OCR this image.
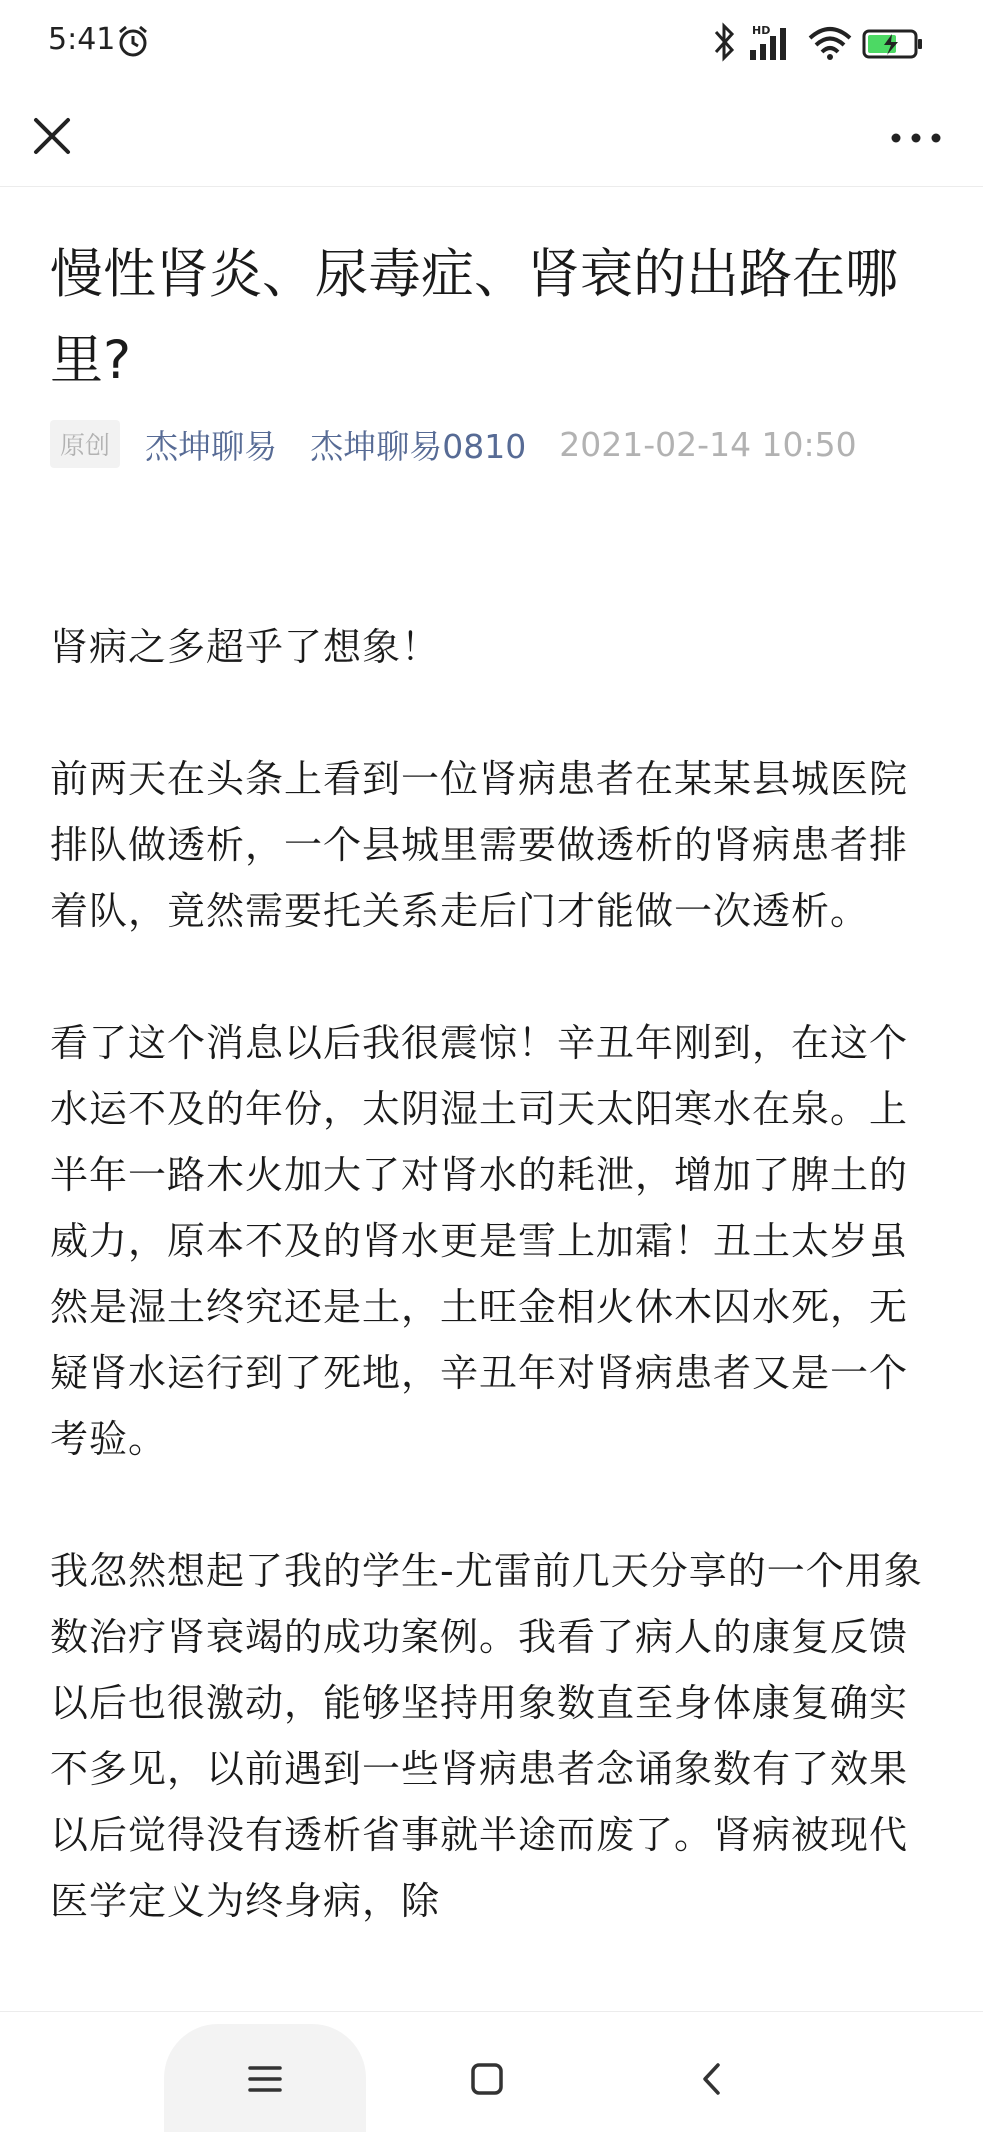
5:41	HD
慢性肾炎、尿毒症、肾衰的出路在哪里?
原创 杰坤聊易 杰坤聊易0810 2021-02-14 10:50

肾病之多超乎了想象！

前两天在头条上看到一位肾病患者在某某县城医院排队做透析，一个县城里需要做透析的肾病患者排着队，竟然需要托关系走后门才能做一次透析。

看了这个消息以后我很震惊！辛丑年刚到，在这个水运不及的年份，太阴湿土司天太阳寒水在泉。上半年一路木火加大了对肾水的耗泄，增加了脾土的威力，原本不及的肾水更是雪上加霜！丑土太岁虽然是湿土终究还是土，土旺金相火休木囚水死，无疑肾水运行到了死地，辛丑年对肾病患者又是一个考验。

我忽然想起了我的学生-尤雷前几天分享的一个用象数治疗肾衰竭的成功案例。我看了病人的康复反馈以后也很激动，能够坚持用象数直至身体康复确实不多见，以前遇到一些肾病患者念诵象数有了效果以后觉得没有透析省事就半途而废了。肾病被现代医学定义为终身病，除
